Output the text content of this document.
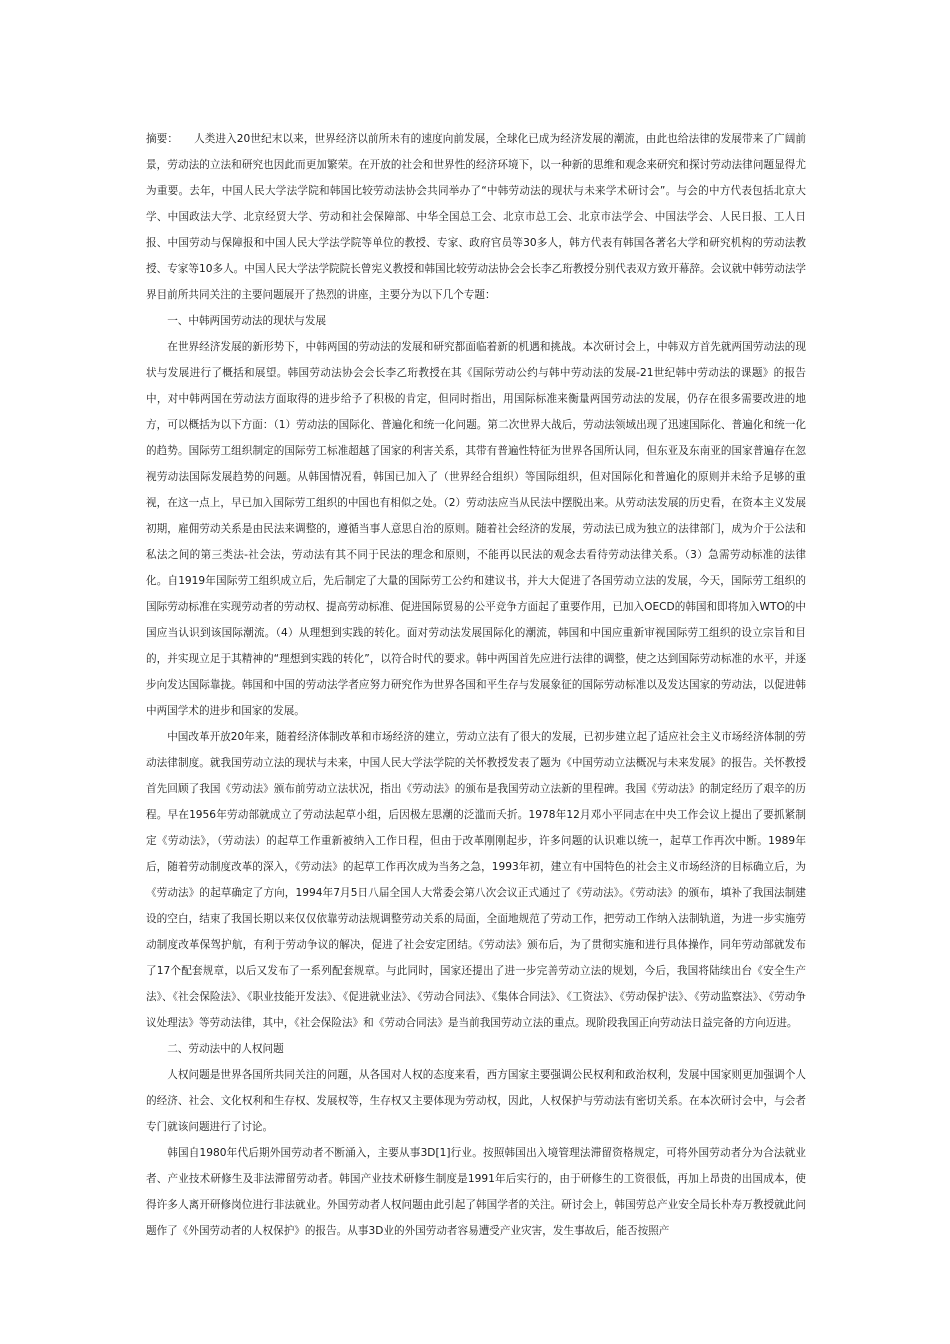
摘要： 人类进入20世纪末以来，世界经济以前所未有的速度向前发展，全球化已成为经济发展的潮流，由此也给法律的发展带来了广阔前景，劳动法的立法和研究也因此而更加繁荣。在开放的社会和世界性的经济环境下，以一种新的思维和观念来研究和探讨劳动法律问题显得尤为重要。去年，中国人民大学法学院和韩国比较劳动法协会共同举办了“中韩劳动法的现状与未来学术研讨会”。与会的中方代表包括北京大学、中国政法大学、北京经贸大学、劳动和社会保障部、中华全国总工会、北京市总工会、北京市法学会、中国法学会、人民日报、工人日报、中国劳动与保障报和中国人民大学法学院等单位的教授、专家、政府官员等30多人，韩方代表有韩国各著名大学和研究机构的劳动法教授、专家等10多人。中国人民大学法学院院长曾宪义教授和韩国比较劳动法协会会长李乙珩教授分别代表双方致开幕辞。会议就中韩劳动法学界目前所共同关注的主要问题展开了热烈的讲座，主要分为以下几个专题：

一、中韩两国劳动法的现状与发展

在世界经济发展的新形势下，中韩两国的劳动法的发展和研究都面临着新的机遇和挑战。本次研讨会上，中韩双方首先就两国劳动法的现状与发展进行了概括和展望。韩国劳动法协会会长李乙珩教授在其《国际劳动公约与韩中劳动法的发展-21世纪韩中劳动法的课题》的报告中，对中韩两国在劳动法方面取得的进步给予了积极的肯定，但同时指出，用国际标准来衡量两国劳动法的发展，仍存在很多需要改进的地方，可以概括为以下方面：（1）劳动法的国际化、普遍化和统一化问题。第二次世界大战后，劳动法领域出现了迅速国际化、普遍化和统一化的趋势。国际劳工组织制定的国际劳工标准超越了国家的利害关系，其带有普遍性特征为世界各国所认同，但东亚及东南亚的国家普遍存在忽视劳动法国际发展趋势的问题。从韩国情况看，韩国已加入了（世界经合组织）等国际组织，但对国际化和普遍化的原则并未给予足够的重视，在这一点上，早已加入国际劳工组织的中国也有相似之处。（2）劳动法应当从民法中摆脱出来。从劳动法发展的历史看，在资本主义发展初期，雇佣劳动关系是由民法来调整的，遵循当事人意思自治的原则。随着社会经济的发展，劳动法已成为独立的法律部门，成为介于公法和私法之间的第三类法-社会法，劳动法有其不同于民法的理念和原则，不能再以民法的观念去看待劳动法律关系。（3）急需劳动标准的法律化。自1919年国际劳工组织成立后，先后制定了大量的国际劳工公约和建议书，并大大促进了各国劳动立法的发展，今天，国际劳工组织的国际劳动标准在实现劳动者的劳动权、提高劳动标准、促进国际贸易的公平竞争方面起了重要作用，已加入OECD的韩国和即将加入WTO的中国应当认识到该国际潮流。（4）从理想到实践的转化。面对劳动法发展国际化的潮流，韩国和中国应重新审视国际劳工组织的设立宗旨和目的，并实现立足于其精神的“理想到实践的转化”，以符合时代的要求。韩中两国首先应进行法律的调整，使之达到国际劳动标准的水平，并逐步向发达国际靠拢。韩国和中国的劳动法学者应努力研究作为世界各国和平生存与发展象征的国际劳动标准以及发达国家的劳动法，以促进韩中两国学术的进步和国家的发展。

中国改革开放20年来，随着经济体制改革和市场经济的建立，劳动立法有了很大的发展，已初步建立起了适应社会主义市场经济体制的劳动法律制度。就我国劳动立法的现状与未来，中国人民大学法学院的关怀教授发表了题为《中国劳动立法概况与未来发展》的报告。关怀教授首先回顾了我国《劳动法》颁布前劳动立法状况，指出《劳动法》的颁布是我国劳动立法新的里程碑。我国《劳动法》的制定经历了艰辛的历程。早在1956年劳动部就成立了劳动法起草小组，后因极左思潮的泛滥而夭折。1978年12月邓小平同志在中央工作会议上提出了要抓紧制定《劳动法》，（劳动法）的起草工作重新被纳入工作日程，但由于改革刚刚起步，许多问题的认识难以统一，起草工作再次中断。1989年后，随着劳动制度改革的深入，《劳动法》的起草工作再次成为当务之急，1993年初，建立有中国特色的社会主义市场经济的目标确立后，为《劳动法》的起草确定了方向，1994年7月5日八届全国人大常委会第八次会议正式通过了《劳动法》。《劳动法》的颁布，填补了我国法制建设的空白，结束了我国长期以来仅仅依靠劳动法规调整劳动关系的局面，全面地规范了劳动工作，把劳动工作纳入法制轨道，为进一步实施劳动制度改革保驾护航，有利于劳动争议的解决，促进了社会安定团结。《劳动法》颁布后，为了贯彻实施和进行具体操作，同年劳动部就发布了17个配套规章，以后又发布了一系列配套规章。与此同时，国家还提出了进一步完善劳动立法的规划，今后，我国将陆续出台《安全生产法》、《社会保险法》、《职业技能开发法》、《促进就业法》、《劳动合同法》、《集体合同法》、《工资法》、《劳动保护法》、《劳动监察法》、《劳动争议处理法》等劳动法律，其中，《社会保险法》和《劳动合同法》是当前我国劳动立法的重点。现阶段我国正向劳动法日益完备的方向迈进。

二、劳动法中的人权问题

人权问题是世界各国所共同关注的问题，从各国对人权的态度来看，西方国家主要强调公民权利和政治权利，发展中国家则更加强调个人的经济、社会、文化权利和生存权、发展权等，生存权又主要体现为劳动权，因此，人权保护与劳动法有密切关系。在本次研讨会中，与会者专门就该问题进行了讨论。

韩国自1980年代后期外国劳动者不断涌入，主要从事3D[1]行业。按照韩国出入境管理法滞留资格规定，可将外国劳动者分为合法就业者、产业技术研修生及非法滞留劳动者。韩国产业技术研修生制度是1991年后实行的，由于研修生的工资很低，再加上昂贵的出国成本，使得许多人离开研修岗位进行非法就业。外国劳动者人权问题由此引起了韩国学者的关注。研讨会上，韩国劳总产业安全局长朴寿万教授就此问题作了《外国劳动者的人权保护》的报告。从事3D业的外国劳动者容易遭受产业灾害，发生事故后，能否按照产
